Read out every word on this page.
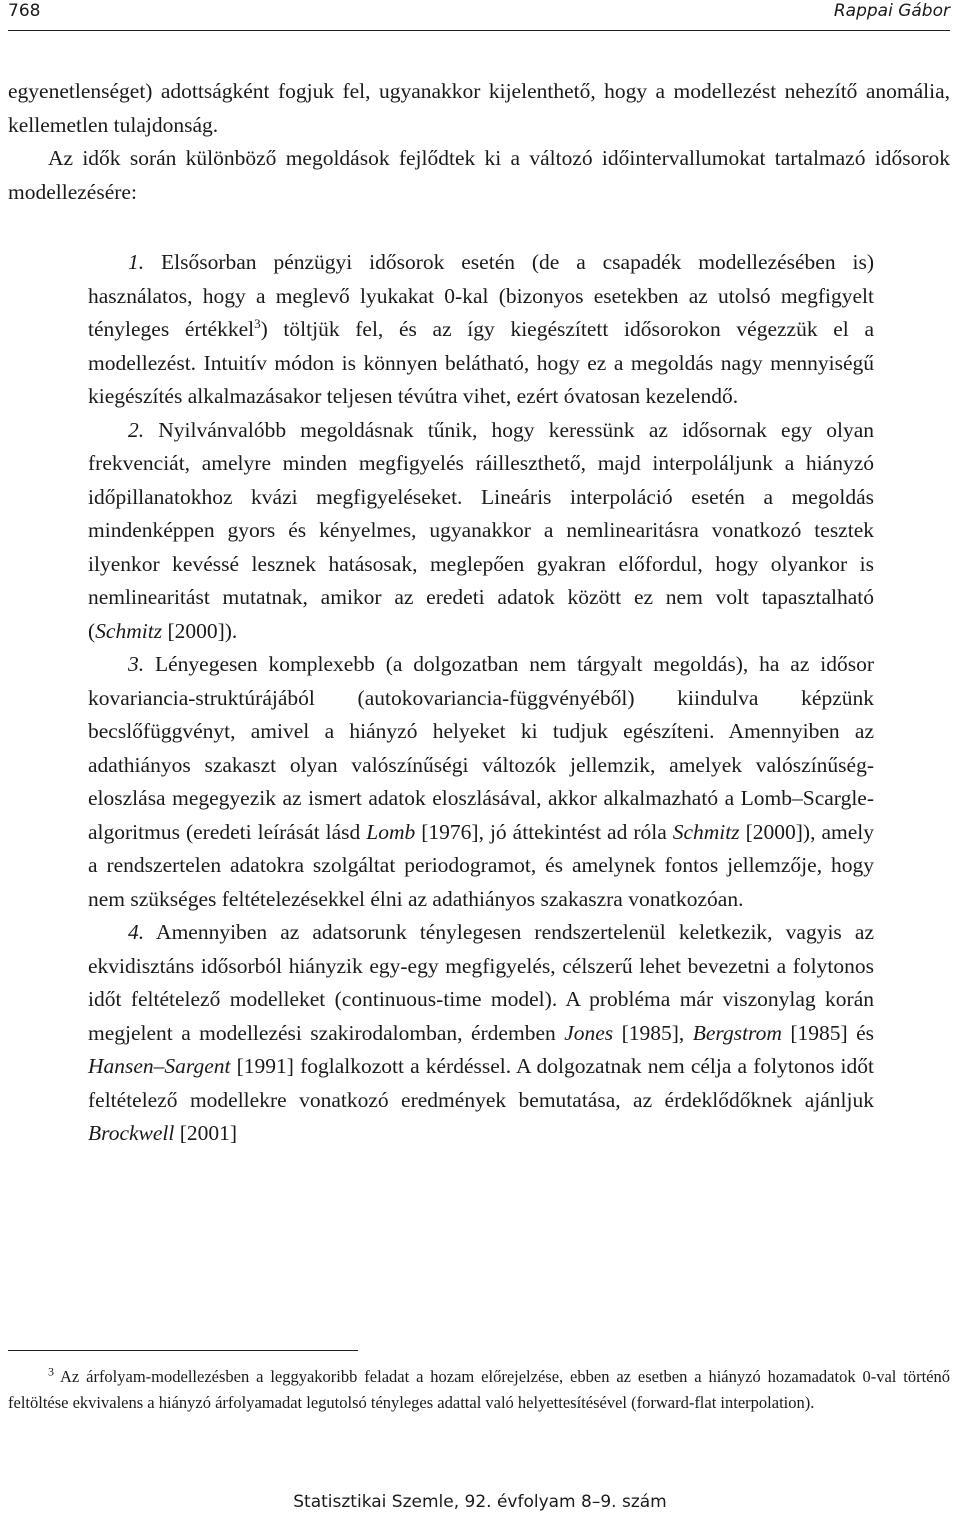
768	Rappai Gábor

egyenetlenséget) adottságként fogjuk fel, ugyanakkor kijelenthető, hogy a modellezést nehezítő anomália, kellemetlen tulajdonság.

Az idők során különböző megoldások fejlődtek ki a változó időintervallumokat tartalmazó idősorok modellezésére:

1. Elsősorban pénzügyi idősorok esetén (de a csapadék modellezésében is) használatos, hogy a meglevő lyukakat 0-kal (bizonyos esetekben az utolsó megfigyelt tényleges értékkel$^3$) töltjük fel, és az így kiegészített idősorokon végezzük el a modellezést. Intuitív módon is könnyen belátható, hogy ez a megoldás nagy mennyiségű kiegészítés alkalmazásakor teljesen tévútra vihet, ezért óvatosan kezelendő.

2. Nyilvánvalóbb megoldásnak tűnik, hogy keressünk az idősornak egy olyan frekvenciát, amelyre minden megfigyelés ráilleszthető, majd interpoláljunk a hiányzó időpillanatokhoz kvázi megfigyeléseket. Lineáris interpoláció esetén a megoldás mindenképpen gyors és kényelmes, ugyanakkor a nemlinearitásra vonatkozó tesztek ilyenkor kevéssé lesznek hatásosak, meglepően gyakran előfordul, hogy olyankor is nemlinearitást mutatnak, amikor az eredeti adatok között ez nem volt tapasztalható (Schmitz [2000]).

3. Lényegesen komplexebb (a dolgozatban nem tárgyalt megoldás), ha az idősor kovariancia-struktúrájából (autokovariancia-függvényéből) kiindulva képzünk becslőfüggvényt, amivel a hiányzó helyeket ki tudjuk egészíteni. Amennyiben az adathiányos szakaszt olyan valószínűségi változók jellemzik, amelyek valószínűség-eloszlása megegyezik az ismert adatok eloszlásával, akkor alkalmazható a Lomb–Scargle-algoritmus (eredeti leírását lásd Lomb [1976], jó áttekintést ad róla Schmitz [2000]), amely a rendszertelen adatokra szolgáltat periodogramot, és amelynek fontos jellemzője, hogy nem szükséges feltételezésekkel élni az adathiányos szakaszra vonatkozóan.

4. Amennyiben az adatsorunk ténylegesen rendszertelenül keletkezik, vagyis az ekvidisztáns idősorból hiányzik egy-egy megfigyelés, célszerű lehet bevezetni a folytonos időt feltételező modelleket (continuous-time model). A probléma már viszonylag korán megjelent a modellezési szakirodalomban, érdemben Jones [1985], Bergstrom [1985] és Hansen–Sargent [1991] foglalkozott a kérdéssel. A dolgozatnak nem célja a folytonos időt feltételező modellekre vonatkozó eredmények bemutatása, az érdeklődőknek ajánljuk Brockwell [2001]

$^3$ Az árfolyam-modellezésben a leggyakoribb feladat a hozam előrejelzése, ebben az esetben a hiányzó hozamadatok 0-val történő feltöltése ekvivalens a hiányzó árfolyamadat legutolsó tényleges adattal való helyettesítésével (forward-flat interpolation).

Statisztikai Szemle, 92. évfolyam 8–9. szám
